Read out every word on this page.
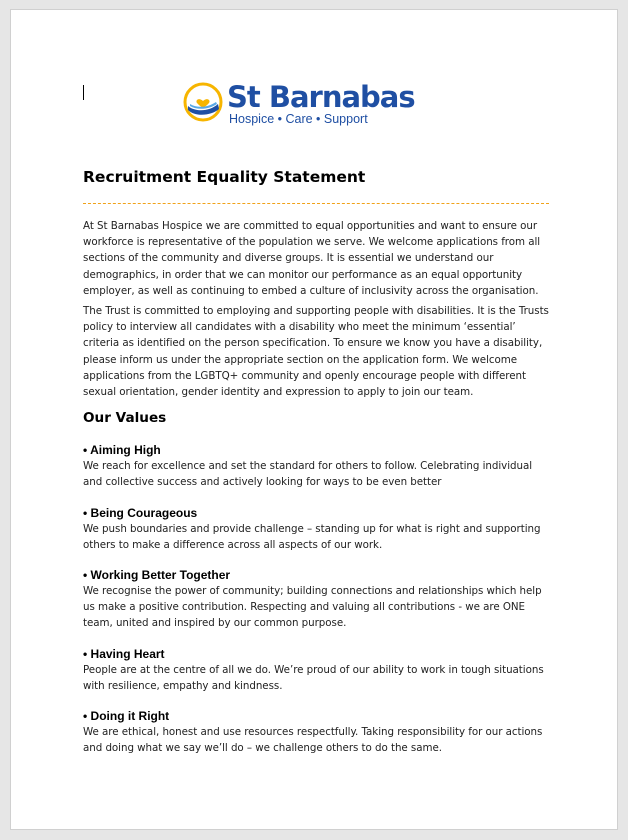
St Barnabas
Hospice • Care • Support
Recruitment Equality Statement

At St Barnabas Hospice we are committed to equal opportunities and want to ensure our workforce is representative of the population we serve. We welcome applications from all sections of the community and diverse groups. It is essential we understand our demographics, in order that we can monitor our performance as an equal opportunity employer, as well as continuing to embed a culture of inclusivity across the organisation.

The Trust is committed to employing and supporting people with disabilities. It is the Trusts policy to interview all candidates with a disability who meet the minimum ‘essential’ criteria as identified on the person specification. To ensure we know you have a disability, please inform us under the appropriate section on the application form. We welcome applications from the LGBTQ+ community and openly encourage people with different sexual orientation, gender identity and expression to apply to join our team.

Our Values
• Aiming High

We reach for excellence and set the standard for others to follow. Celebrating individual and collective success and actively looking for ways to be even better

• Being Courageous

We push boundaries and provide challenge – standing up for what is right and supporting others to make a difference across all aspects of our work.

• Working Better Together

We recognise the power of community; building connections and relationships which help us make a positive contribution. Respecting and valuing all contributions - we are ONE team, united and inspired by our common purpose.

• Having Heart

People are at the centre of all we do. We’re proud of our ability to work in tough situations with resilience, empathy and kindness.

• Doing it Right

We are ethical, honest and use resources respectfully. Taking responsibility for our actions and doing what we say we’ll do – we challenge others to do the same.
